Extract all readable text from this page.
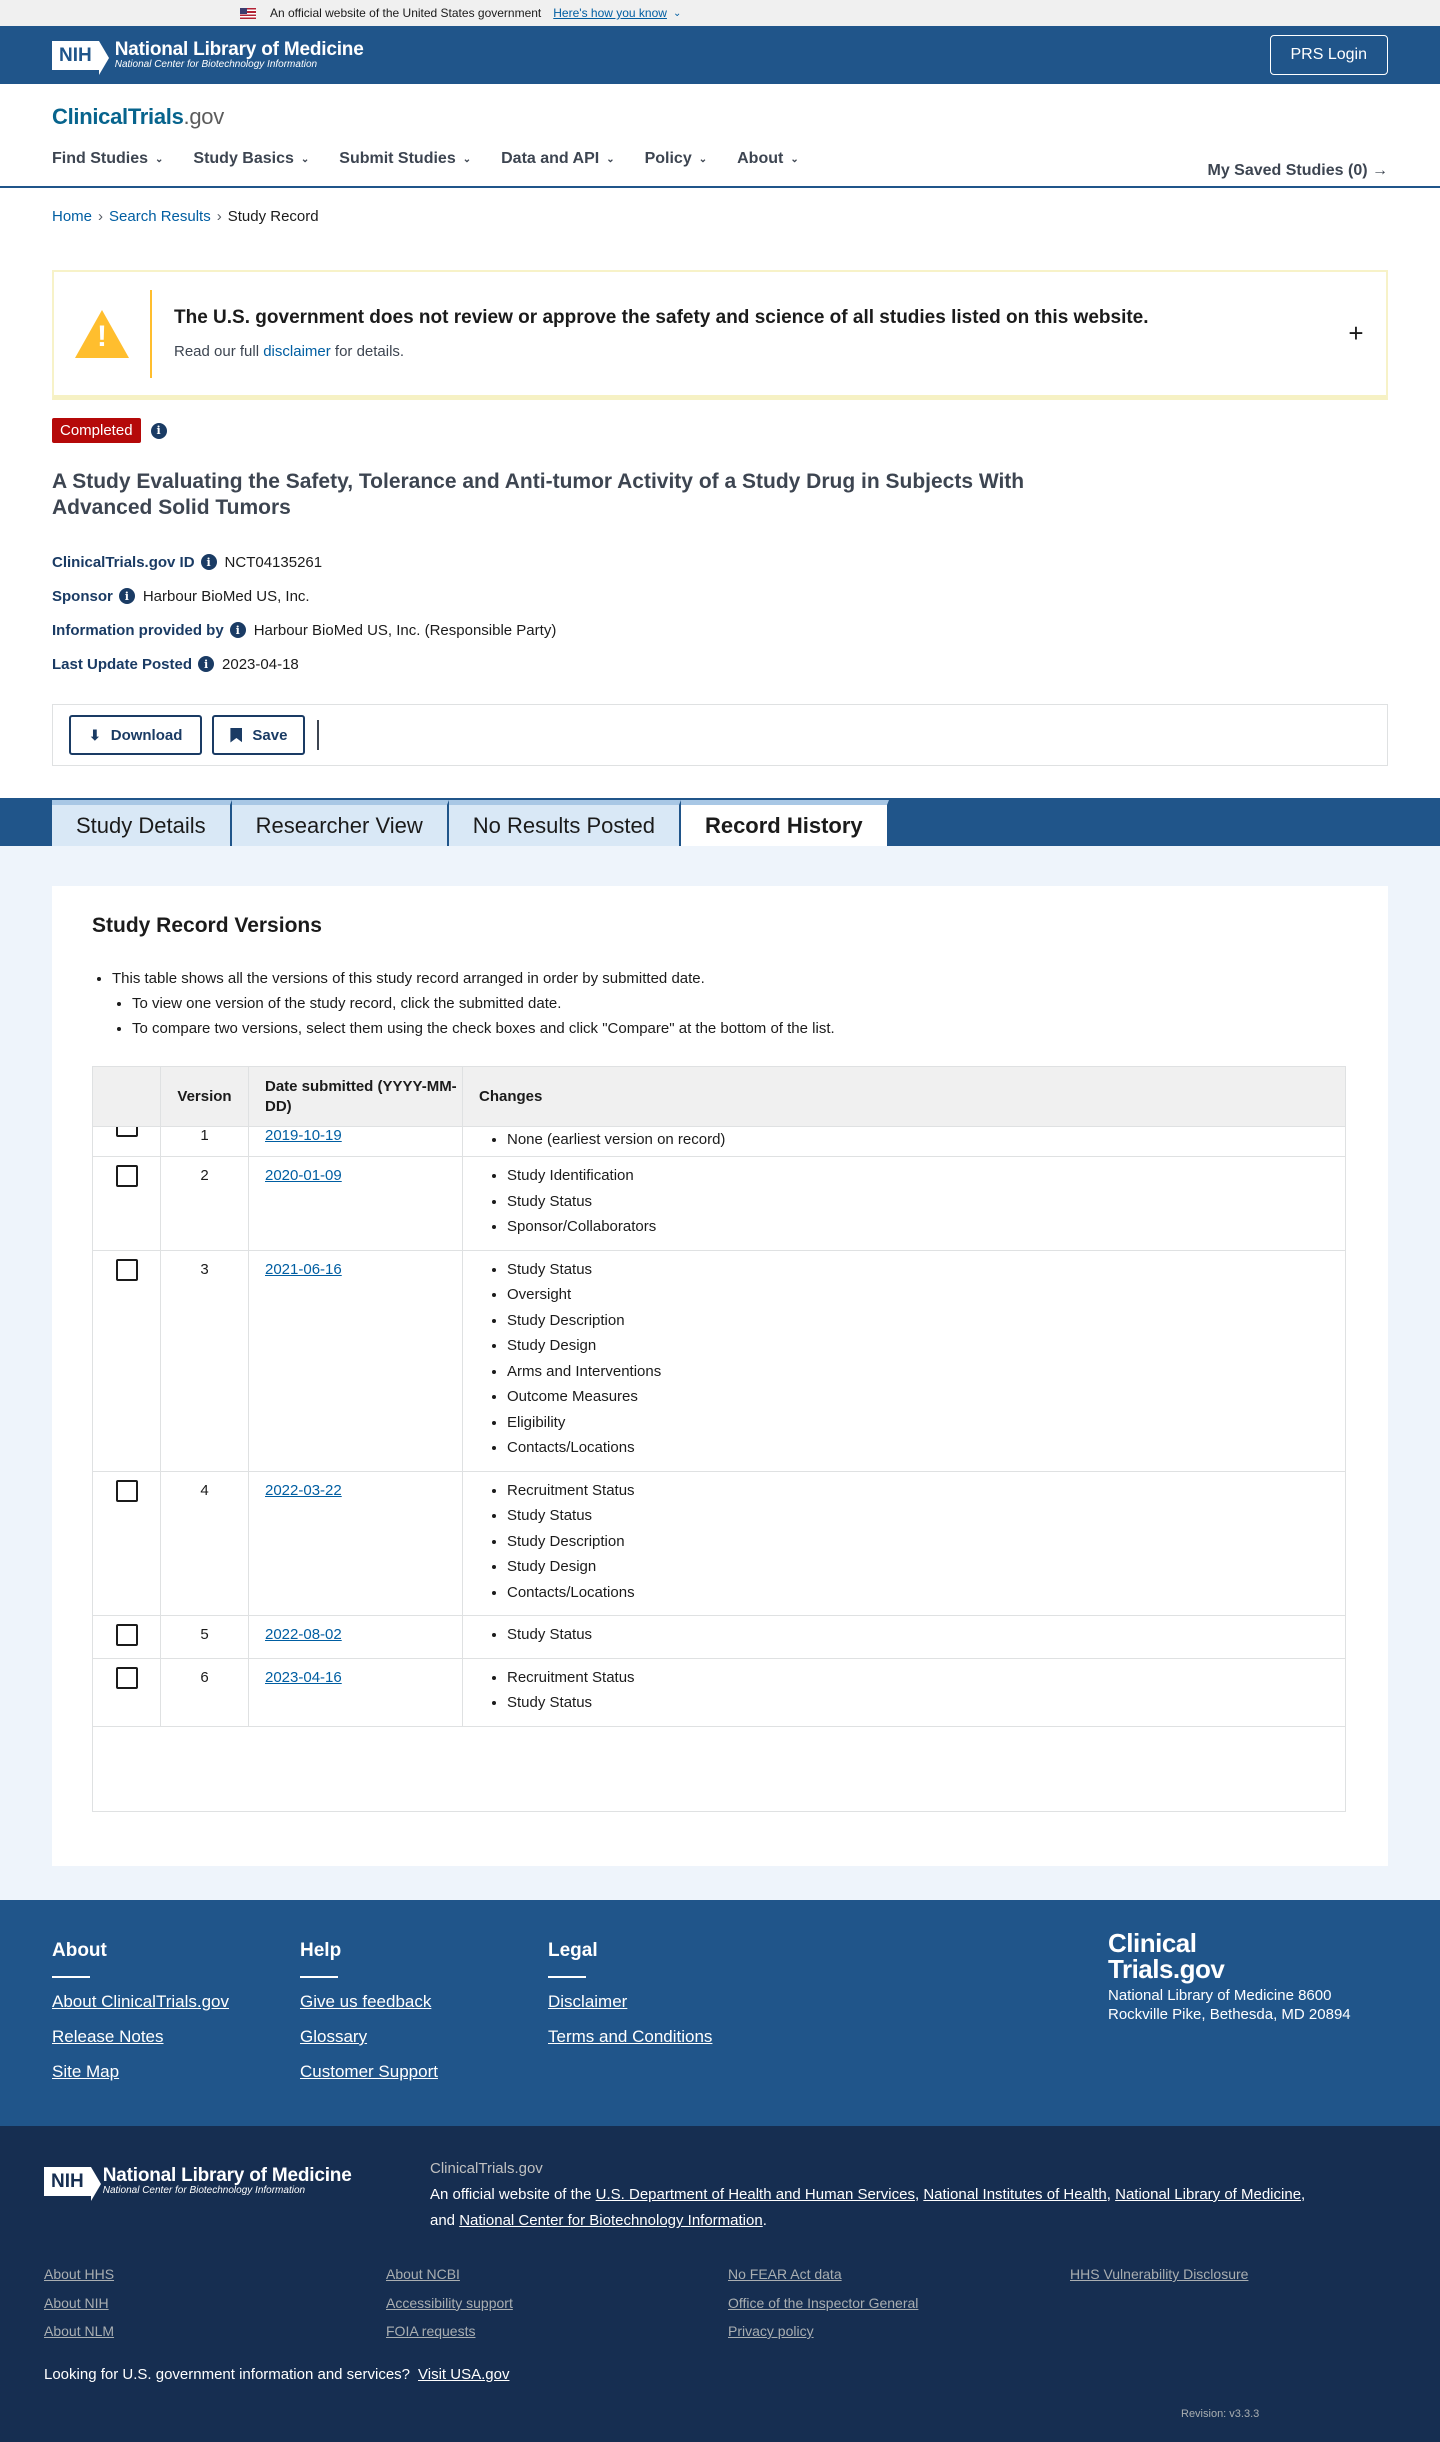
An official website of the United States government Here's how you know ⌄
NIH	National Library of Medicine
National Center for Biotechnology Information
PRS Login
ClinicalTrials.gov
Find Studies ⌄ Study Basics ⌄ Submit Studies ⌄ Data and API ⌄ Policy ⌄ About ⌄
My Saved Studies (0) →
Home › Search Results › Study Record
!
The U.S. government does not review or approve the safety and science of all studies listed on this website.
Read our full disclaimer for details.
+
Completed	i
A Study Evaluating the Safety, Tolerance and Anti-tumor Activity of a Study Drug in Subjects With Advanced Solid Tumors
ClinicalTrials.gov ID	i NCT04135261
Sponsor	i Harbour BioMed US, Inc.
Information provided by	i Harbour BioMed US, Inc. (Responsible Party)
Last Update Posted	i 2023-04-18
⬇ Download	Save
Study Details	Researcher View	No Results Posted	Record History
Study Record Versions
• This table shows all the versions of this study record arranged in order by submitted date.
• To view one version of the study record, click the submitted date.
• To compare two versions, select them using the check boxes and click "Compare" at the bottom of the list.
Version
Date submitted (YYYY-MM-DD)
Changes
1	2019-10-19	• None (earliest version on record)
2	2020-01-09	• Study Identification
• Study Status
• Sponsor/Collaborators
3	2021-06-16	• Study Status
• Oversight
• Study Description
• Study Design
• Arms and Interventions
• Outcome Measures
• Eligibility
• Contacts/Locations
4	2022-03-22	• Recruitment Status
• Study Status
• Study Description
• Study Design
• Contacts/Locations
5	2022-08-02	• Study Status
6	2023-04-16	• Recruitment Status
• Study Status
About
About ClinicalTrials.gov
Release Notes
Site Map
Help
Give us feedback
Glossary
Customer Support
Legal
Disclaimer
Terms and Conditions
Clinical
Trials.gov
National Library of Medicine 8600 Rockville Pike, Bethesda, MD 20894
NIH	National Library of Medicine
National Center for Biotechnology Information
ClinicalTrials.gov
An official website of the U.S. Department of Health and Human Services, National Institutes of Health, National Library of Medicine,
and National Center for Biotechnology Information.
About HHS
About NIH
About NLM
About NCBI
Accessibility support
FOIA requests
No FEAR Act data
Office of the Inspector General
Privacy policy
HHS Vulnerability Disclosure
Looking for U.S. government information and services? Visit USA.gov
Revision: v3.3.3
